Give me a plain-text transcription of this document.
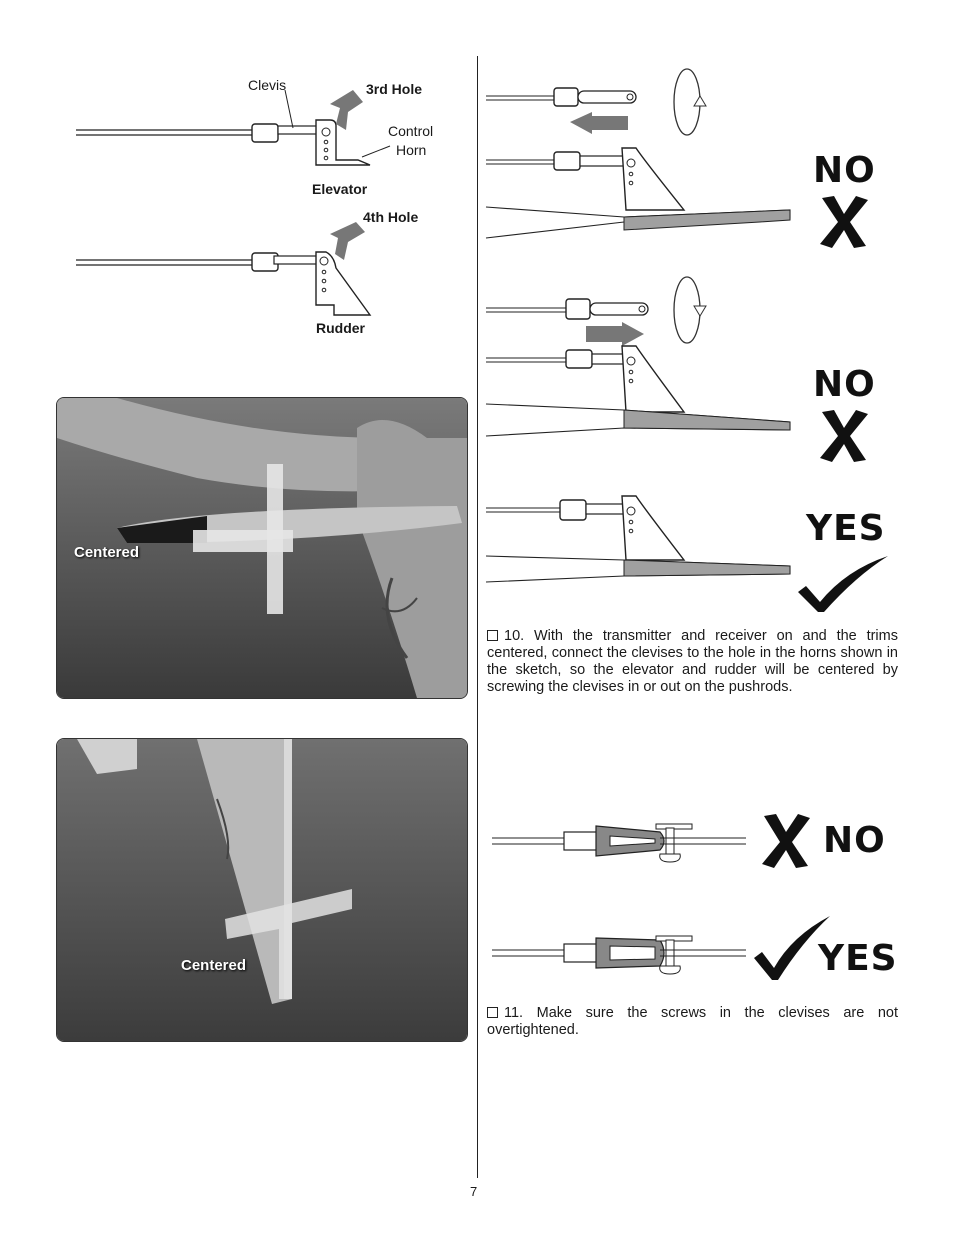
Clevis	3rd Hole
Control
Horn
Elevator
4th Hole
Rudder
Centered
Centered
NO
NO
YES
10. With the transmitter and receiver on and the trims centered, connect the clevises to the hole in the horns shown in the sketch, so the elevator and rudder will be centered by screwing the clevises in or out on the pushrods.
NO
YES
11. Make sure the screws in the clevises are not overtightened.
7
